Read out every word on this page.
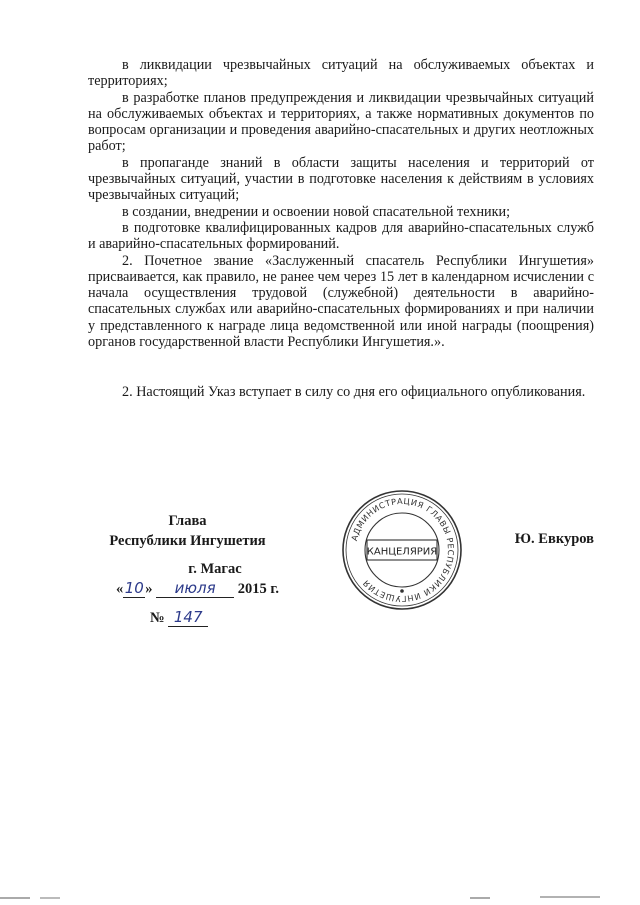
в ликвидации чрезвычайных ситуаций на обслуживаемых объектах и территориях;

в разработке планов предупреждения и ликвидации чрезвычайных ситуаций на обслуживаемых объектах и территориях, а также нормативных документов по вопросам организации и проведения аварийно-спасательных и других неотложных работ;

в пропаганде знаний в области защиты населения и территорий от чрезвычайных ситуаций, участии в подготовке населения к действиям в условиях чрезвычайных ситуаций;

в создании, внедрении и освоении новой спасательной техники;

в подготовке квалифицированных кадров для аварийно-спасательных служб и аварийно-спасательных формирований.

2. Почетное звание «Заслуженный спасатель Республики Ингушетия» присваивается, как правило, не ранее чем через 15 лет в календарном исчислении с начала осуществления трудовой (служебной) деятельности в аварийно-спасательных службах или аварийно-спасательных формированиях и при наличии у представленного к награде лица ведомственной или иной награды (поощрения) органов государственной власти Республики Ингушетия.».

2. Настоящий Указ вступает в силу со дня его официального опубликования.

Глава
Республики Ингушетия	Ю. Евкуров
г. Магас
«10» июля 2015 г.
№ 147
АДМИНИСТРАЦИЯ ГЛАВЫ РЕСПУБЛИКИ ИНГУШЕТИЯ
КАНЦЕЛЯРИЯ
